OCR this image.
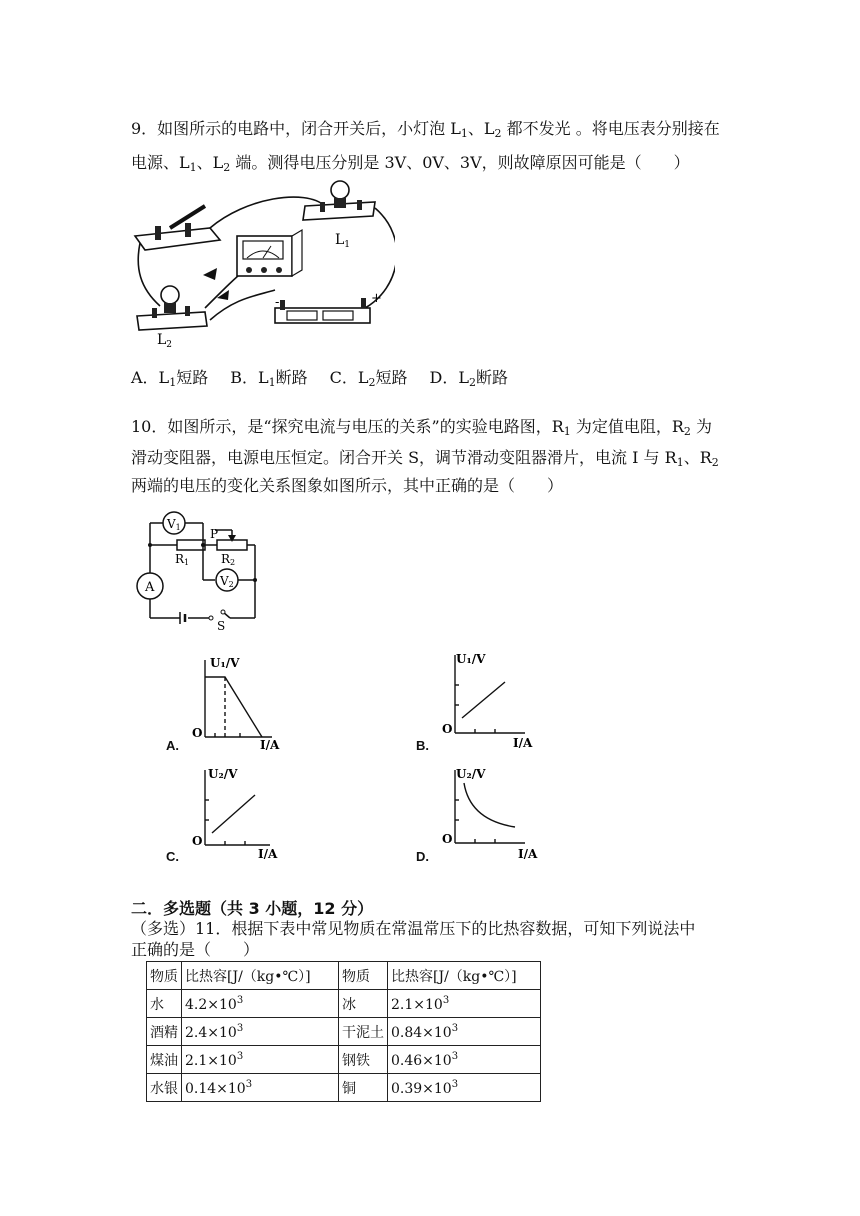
9．如图所示的电路中，闭合开关后，小灯泡 $L_1$、$L_2$ 都不发光 。将电压表分别接在
电源、$L_1$、$L_2$ 端。测得电压分别是 3V、0V、3V，则故障原因可能是（　　）
$L_1$
$L_2$
-	+
A．$L_1$短路 B．$L_1$断路 C．$L_2$短路 D．$L_2$断路
10．如图所示，是“探究电流与电压的关系”的实验电路图，$R_1$ 为定值电阻，$R_2$ 为
滑动变阻器，电源电压恒定。闭合开关 S，调节滑动变阻器滑片，电流 I 与 $R_1$、$R_2$
两端的电压的变化关系图象如图所示，其中正确的是（　　）
V1
V2
A
P
R1	R2
S
U₁/V
O
I/A
A.
U₁/V
O
I/A
B.
U₂/V
O
I/A
C.
U₂/V
O
I/A
D.
二．多选题（共 3 小题，12 分）
（多选）11．根据下表中常见物质在常温常压下的比热容数据，可知下列说法中
正确的是（　　）
物质	比热容[J/（kg•℃）]	物质	比热容[J/（kg•℃）]
水	$4.2\times 10^3$	冰	$2.1\times 10^3$
酒精	$2.4\times 10^3$	干泥土	$0.84\times 10^3$
煤油	$2.1\times 10^3$	钢铁	$0.46\times 10^3$
水银	$0.14\times 10^3$	铜	$0.39\times 10^3$
